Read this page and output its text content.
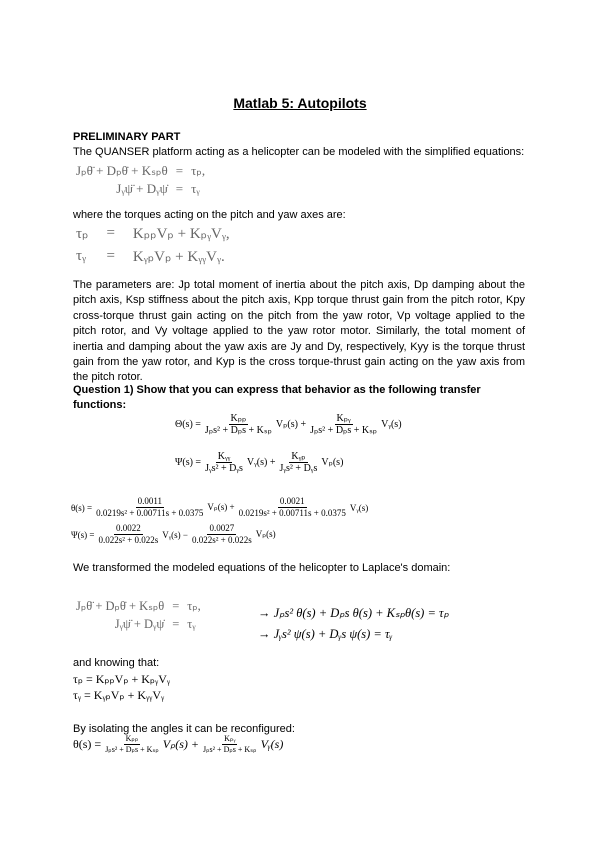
Matlab 5: Autopilots
PRELIMINARY PART
The QUANSER platform acting as a helicopter can be modeled with the simplified equations:
Jₚθ̈ + Dₚθ̇ + Kₛₚθ = τₚ,
Jᵧψ̈ + Dᵧψ̇ = τᵧ
where the torques acting on the pitch and yaw axes are:
τₚ = KₚₚVₚ + KₚᵧVᵧ,
τᵧ = KᵧₚVₚ + KᵧᵧVᵧ.
The parameters are: Jp total moment of inertia about the pitch axis, Dp damping about the pitch axis, Ksp stiffness about the pitch axis, Kpp torque thrust gain from the pitch rotor, Kpy cross-torque thrust gain acting on the pitch from the yaw rotor, Vp voltage applied to the pitch rotor, and Vy voltage applied to the yaw rotor motor. Similarly, the total moment of inertia and damping about the yaw axis are Jy and Dy, respectively, Kyy is the torque thrust gain from the yaw rotor, and Kyp is the cross torque-thrust gain acting on the yaw axis from the pitch rotor.
Question 1) Show that you can express that behavior as the following transfer functions:
$\Theta(s) = \frac{\text{Kₚₚ}}{\text{Jₚs² + Dₚs + Kₛₚ}} V_p(s) + \frac{\text{Kₚᵧ}}{\text{Jₚs² + Dₚs + Kₛₚ}}$ Vᵧ(s)
$\Psi(s) = \frac{\text{Kᵧᵧ}}{\text{Jᵧs² + Dᵧs}}$ Vᵧ(s) + $\frac{\text{Kᵧₚ}}{\text{Jᵧs² + Dᵧs}} V_p(s)$
$\theta(s) = \frac{0.0011}{\text{0.0219s² + 0.00711s + 0.0375}} V_p(s) + \frac{0.0021}{\text{0.0219s² + 0.00711s + 0.0375}}$ Vᵧ(s)
$\Psi(s) = \frac{0.0022}{\text{0.022s² + 0.022s}}$ Vᵧ(s) − $\frac{0.0027}{\text{0.022s² + 0.022s}} V_p(s)$
We transformed the modeled equations of the helicopter to Laplace's domain:
Jₚθ̈ + Dₚθ̇ + Kₛₚθ = τₚ,
Jᵧψ̈ + Dᵧψ̇ = τᵧ
→ Jₚs² θ(s) + Dₚs θ(s) + Kₛₚθ(s) = τₚ
→ Jᵧs² ψ(s) + Dᵧs ψ(s) = τᵧ
and knowing that:
τₚ = KₚₚVₚ + KₚᵧVᵧ
τᵧ = KᵧₚVₚ + KᵧᵧVᵧ
By isolating the angles it can be reconfigured:
$\theta(s) = \frac{\text{Kₚₚ}}{\text{Jₚs² + Dₚs + Kₛₚ}} V_p(s) + \frac{\text{Kₚᵧ}}{\text{Jₚs² + Dₚs + Kₛₚ}}$ Vᵧ(s)
